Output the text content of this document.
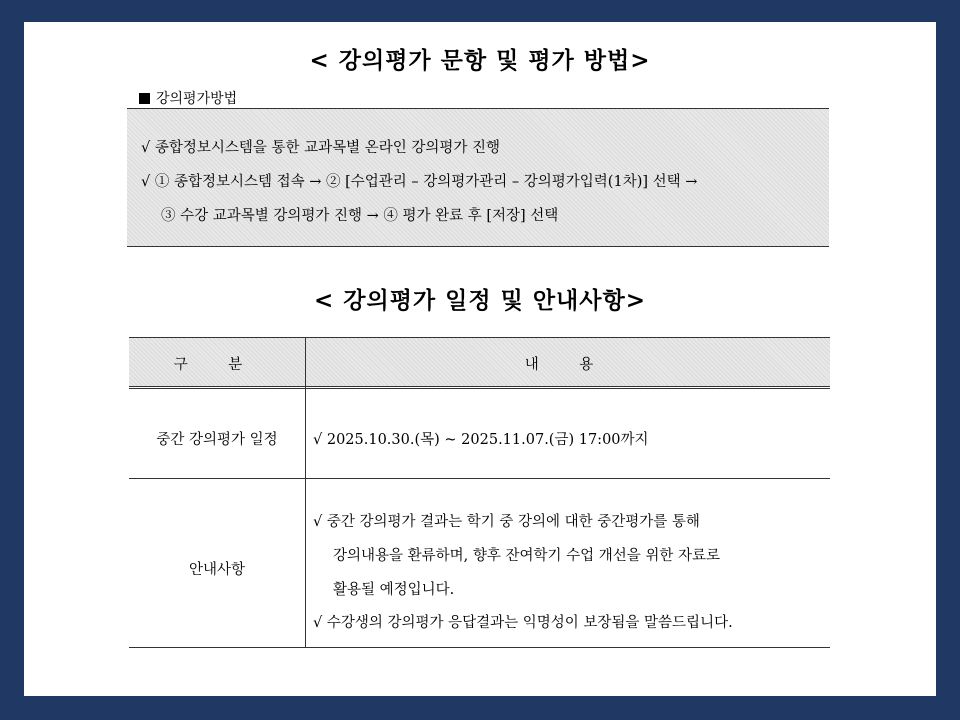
< 강의평가 문항 및 평가 방법>
강의평가방법
√ 종합정보시스템을 통한 교과목별 온라인 강의평가 진행
√ ① 종합정보시스템 접속 → ② [수업관리 – 강의평가관리 – 강의평가입력(1차)] 선택 →
③ 수강 교과목별 강의평가 진행 → ④ 평가 완료 후 [저장] 선택
< 강의평가 일정 및 안내사항>
구 분	내 용
중간 강의평가 일정	√ 2025.10.30.(목) ~ 2025.11.07.(금) 17:00까지
안내사항
√ 중간 강의평가 결과는 학기 중 강의에 대한 중간평가를 통해
강의내용을 환류하며, 향후 잔여학기 수업 개선을 위한 자료로
활용될 예정입니다.
√ 수강생의 강의평가 응답결과는 익명성이 보장됨을 말씀드립니다.
